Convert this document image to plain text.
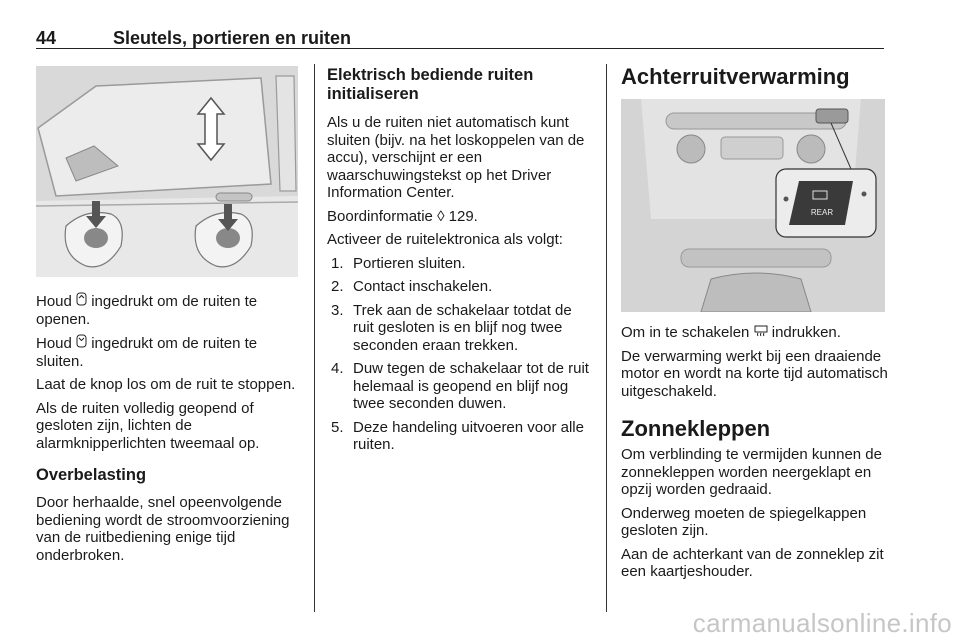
44	Sleutels, portieren en ruiten

Houd  ingedrukt om de ruiten te openen.

Houd  ingedrukt om de ruiten te sluiten.

Laat de knop los om de ruit te stoppen.

Als de ruiten volledig geopend of gesloten zijn, lichten de alarmknipperlichten tweemaal op.

Overbelasting

Door herhaalde, snel opeenvolgende bediening wordt de stroomvoorziening van de ruitbediening enige tijd onderbroken.

Elektrisch bediende ruiten initialiseren

Als u de ruiten niet automatisch kunt sluiten (bijv. na het loskoppelen van de accu), verschijnt er een waarschuwingstekst op het Driver Information Center.

Boordinformatie ◊ 129.

Activeer de ruitelektronica als volgt:

1. Portieren sluiten.
2. Contact inschakelen.
3. Trek aan de schakelaar totdat de ruit gesloten is en blijf nog twee seconden eraan trekken.
4. Duw tegen de schakelaar tot de ruit helemaal is geopend en blijf nog twee seconden duwen.
5. Deze handeling uitvoeren voor alle ruiten.
Achterruitverwarming
REAR

Om in te schakelen  indrukken.

De verwarming werkt bij een draaiende motor en wordt na korte tijd automatisch uitgeschakeld.

Zonnekleppen

Om verblinding te vermijden kunnen de zonnekleppen worden neergeklapt en opzij worden gedraaid.

Onderweg moeten de spiegelkappen gesloten zijn.

Aan de achterkant van de zonneklep zit een kaartjeshouder.

carmanualsonline.info
